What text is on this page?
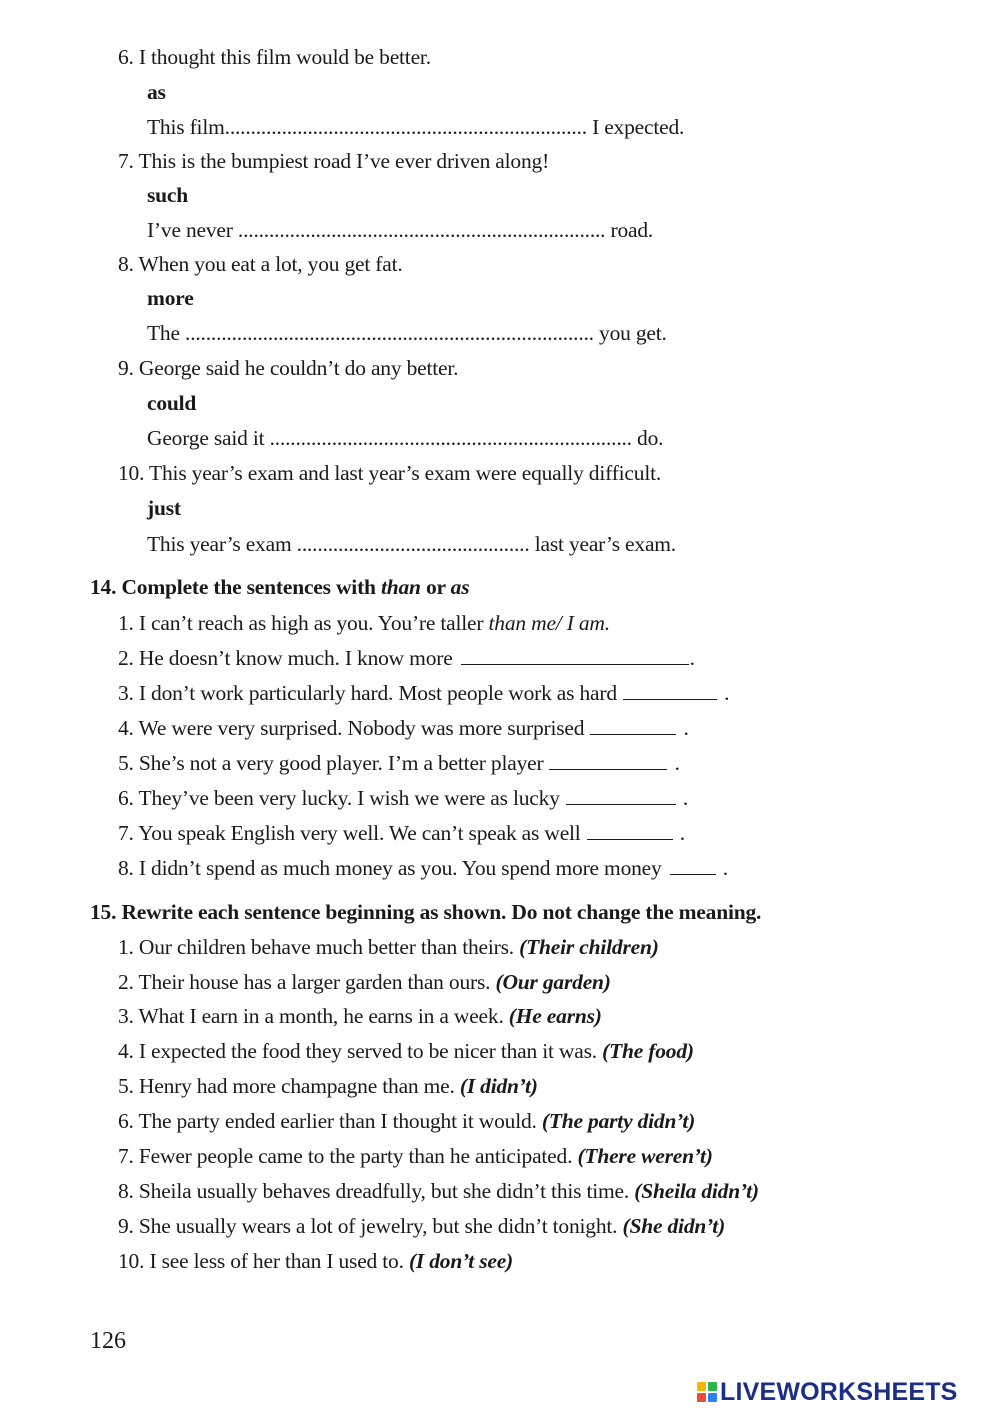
6. I thought this film would be better.
as
This film...................................................................... I expected.
7. This is the bumpiest road I’ve ever driven along!
such
I’ve never ....................................................................... road.
8. When you eat a lot, you get fat.
more
The ............................................................................... you get.
9. George said he couldn’t do any better.
could
George said it ...................................................................... do.
10. This year’s exam and last year’s exam were equally difficult.
just
This year’s exam ............................................. last year’s exam.
14. Complete the sentences with than or as
1. I can’t reach as high as you. You’re taller than me/ I am.
2. He doesn’t know much. I know more	.
3. I don’t work particularly hard. Most people work as hard	.
4. We were very surprised. Nobody was more surprised	.
5. She’s not a very good player. I’m a better player	.
6. They’ve been very lucky. I wish we were as lucky	.
7. You speak English very well. We can’t speak as well	.
8. I didn’t spend as much money as you. You spend more money	.
15. Rewrite each sentence beginning as shown. Do not change the meaning.
1. Our children behave much better than theirs. (Their children)
2. Their house has a larger garden than ours. (Our garden)
3. What I earn in a month, he earns in a week. (He earns)
4. I expected the food they served to be nicer than it was. (The food)
5. Henry had more champagne than me. (I didn’t)
6. The party ended earlier than I thought it would. (The party didn’t)
7. Fewer people came to the party than he anticipated. (There weren’t)
8. Sheila usually behaves dreadfully, but she didn’t this time. (Sheila didn’t)
9. She usually wears a lot of jewelry, but she didn’t tonight. (She didn’t)
10. I see less of her than I used to. (I don’t see)
126
LIVEWORKSHEETS
